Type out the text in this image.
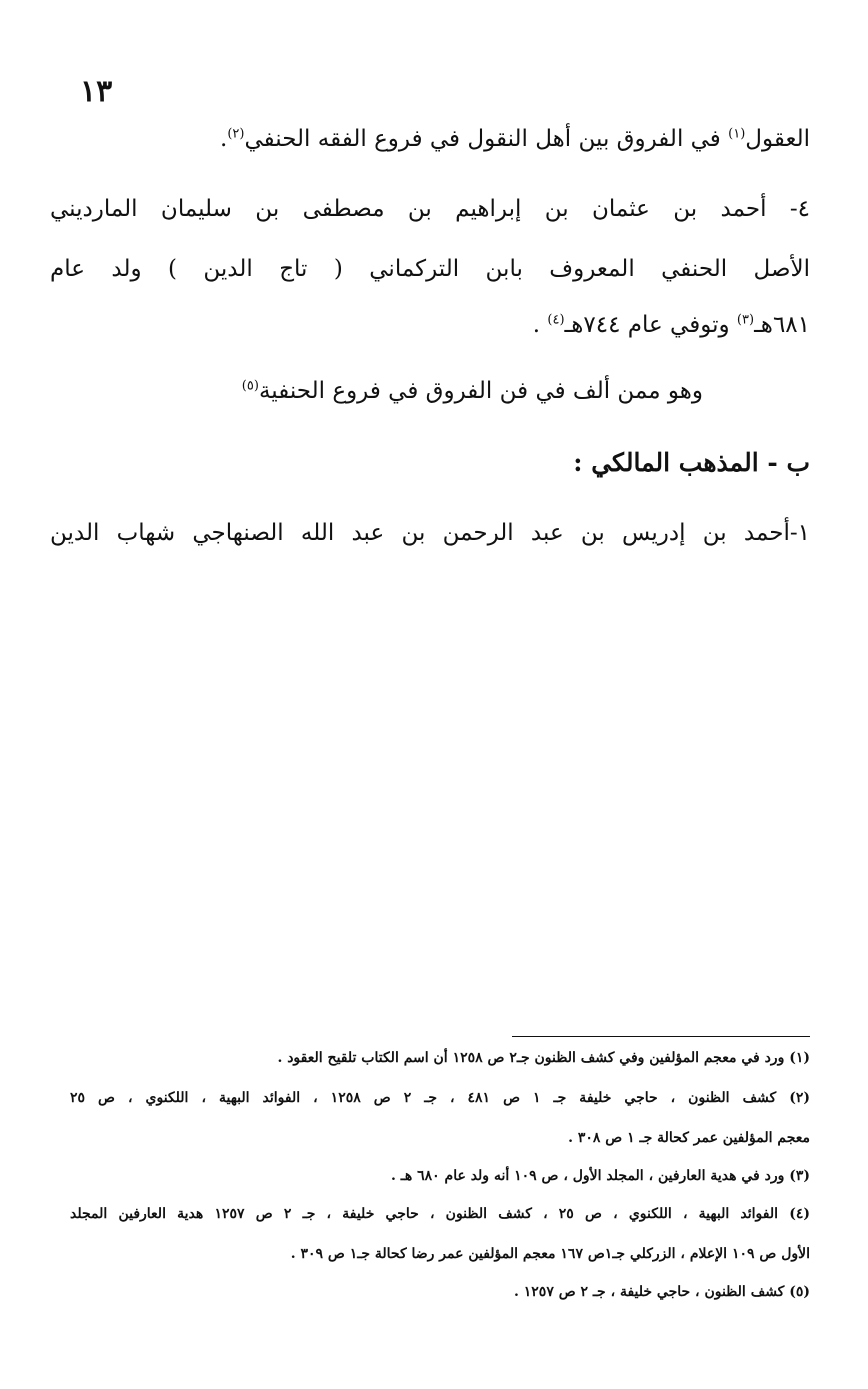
١٣
العقول$^{(١)}$ في الفروق بين أهل النقول في فروع الفقه الحنفي$^{(٢)}$.
٤- أحمد بن عثمان بن إبراهيم بن مصطفى بن سليمان المارديني
الأصل الحنفي المعروف بابن التركماني ( تاج الدين ) ولد عام
٦٨١هـ$^{(٣)}$ وتوفي عام ٧٤٤هـ$^{(٤)}$ .
وهو ممن ألف في فن الفروق في فروع الحنفية$^{(٥)}$
ب - المذهب المالكي :
١-أحمد بن إدريس بن عبد الرحمن بن عبد الله الصنهاجي شهاب الدين
(١) ورد في معجم المؤلفين وفي كشف الظنون جـ٢ ص ١٢٥٨ أن اسم الكتاب تلقيح العقود .
(٢) كشف الظنون ، حاجي خليفة جـ ١ ص ٤٨١ ، جـ ٢ ص ١٢٥٨ ، الفوائد البهية ، اللكنوي ، ص ٢٥
معجم المؤلفين عمر كحالة جـ ١ ص ٣٠٨ .
(٣) ورد في هدية العارفين ، المجلد الأول ، ص ١٠٩ أنه ولد عام ٦٨٠ هـ .
(٤) الفوائد البهية ، اللكنوي ، ص ٢٥ ، كشف الظنون ، حاجي خليفة ، جـ ٢ ص ١٢٥٧ هدية العارفين المجلد
الأول ص ١٠٩ الإعلام ، الزركلي جـ١ص ١٦٧ معجم المؤلفين عمر رضا كحالة جـ١ ص ٣٠٩ .
(٥) كشف الظنون ، حاجي خليفة ، جـ ٢ ص ١٢٥٧ .
